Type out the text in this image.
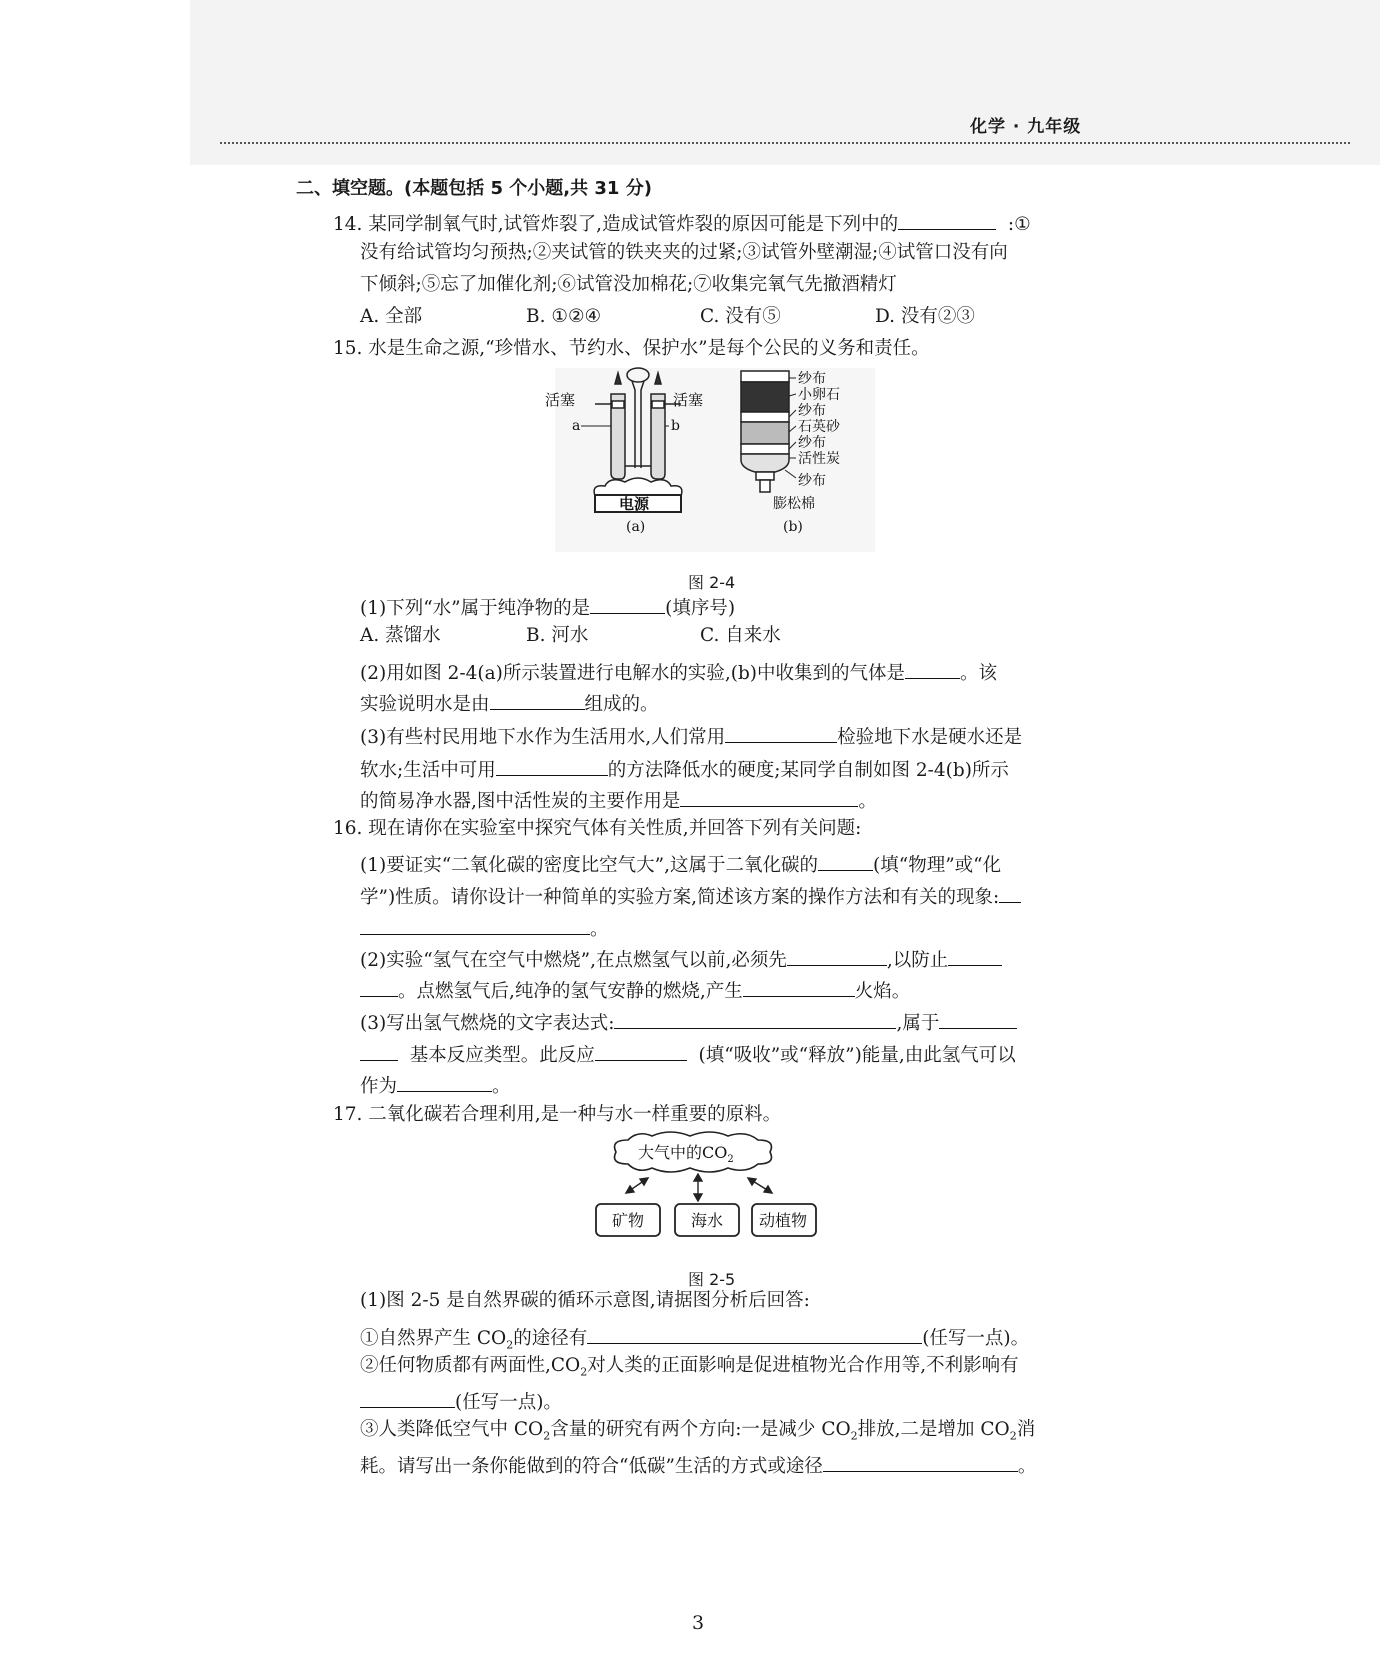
化学 · 九年级
二、填空题。(本题包括 5 个小题,共 31 分)
14. 某同学制氧气时,试管炸裂了,造成试管炸裂的原因可能是下列中的	:①
没有给试管均匀预热;②夹试管的铁夹夹的过紧;③试管外壁潮湿;④试管口没有向
下倾斜;⑤忘了加催化剂;⑥试管没加棉花;⑦收集完氧气先撤酒精灯
A. 全部	B. ①②④	C. 没有⑤	D. 没有②③
15. 水是生命之源,“珍惜水、节约水、保护水”是每个公民的义务和责任。
活塞	活塞
a	b
电源
(a)
纱布
小卵石
纱布
石英砂
纱布
活性炭
纱布
膨松棉
(b)
图 2-4
(1)下列“水”属于纯净物的是	(填序号)
A. 蒸馏水	B. 河水	C. 自来水
(2)用如图 2-4(a)所示装置进行电解水的实验,(b)中收集到的气体是	。该
实验说明水是由	组成的。
(3)有些村民用地下水作为生活用水,人们常用	检验地下水是硬水还是
软水;生活中可用	的方法降低水的硬度;某同学自制如图 2-4(b)所示
的简易净水器,图中活性炭的主要作用是	。
16. 现在请你在实验室中探究气体有关性质,并回答下列有关问题:
(1)要证实“二氧化碳的密度比空气大”,这属于二氧化碳的	(填“物理”或“化
学”)性质。请你设计一种简单的实验方案,简述该方案的操作方法和有关的现象:
。
(2)实验“氢气在空气中燃烧”,在点燃氢气以前,必须先	,以防止
。点燃氢气后,纯净的氢气安静的燃烧,产生	火焰。
(3)写出氢气燃烧的文字表达式:	,属于
基本反应类型。此反应	(填“吸收”或“释放”)能量,由此氢气可以
作为	。
17. 二氧化碳若合理利用,是一种与水一样重要的原料。
大气中的$CO_2$
矿物	海水 动植物
图 2-5
(1)图 2-5 是自然界碳的循环示意图,请据图分析后回答:
①自然界产生 $CO_2$的途径有	(任写一点)。
②任何物质都有两面性$,CO_2$对人类的正面影响是促进植物光合作用等,不利影响有
(任写一点)。
③人类降低空气中 $CO_2$含量的研究有两个方向:一是减少 $CO_2$排放,二是增加 $CO_2$消
耗。请写出一条你能做到的符合“低碳”生活的方式或途径	。
3
